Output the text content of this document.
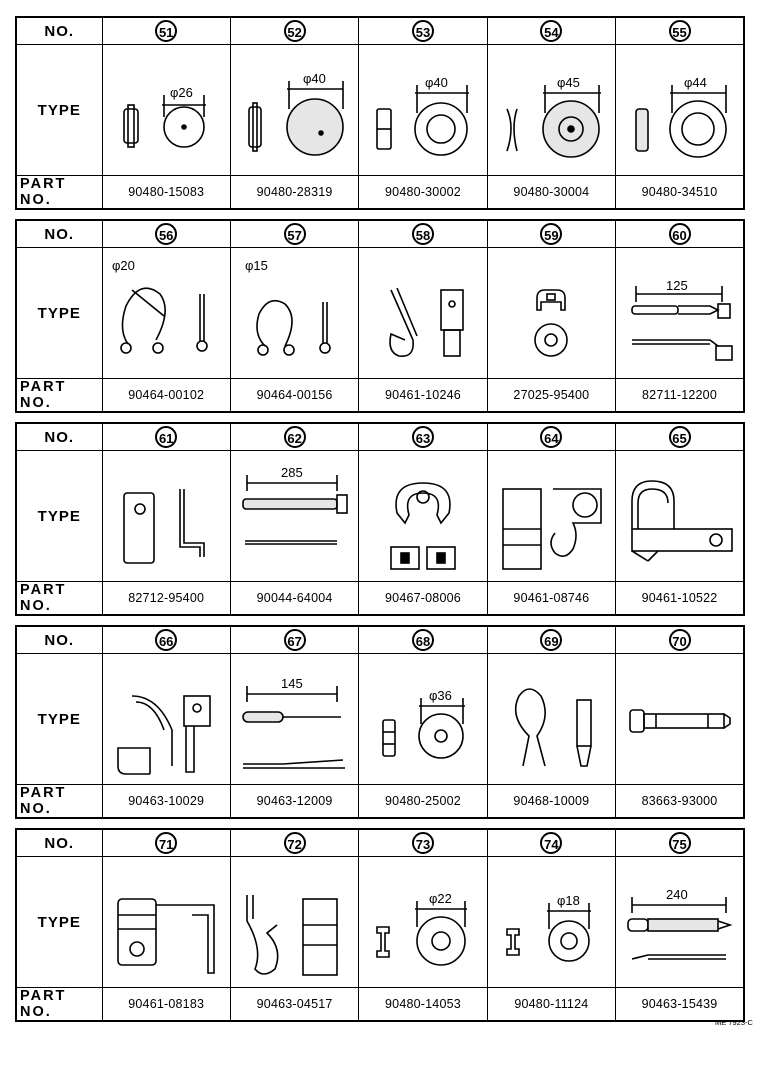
NO.	51	52	53	54	55
TYPE	φ26	φ40	φ40	φ45	φ44

PART NO.	90480-15083	90480-28319	90480-30002	90480-30004	90480-34510
NO.	56	57	58	59	60
TYPE	φ20	φ15			125

PART NO.	90464-00102	90464-00156	90461-10246	27025-95400	82711-12200
NO.	61	62	63	64	65
TYPE		285

PART NO.	82712-95400	90044-64004	90467-08006	90461-08746	90461-10522
NO.	66	67	68	69	70
TYPE		145	φ36

PART NO.	90463-10029	90463-12009	90480-25002	90468-10009	83663-93000
NO.	71	72	73	74	75
TYPE			φ22	φ18	240

PART NO.	90461-08183	90463-04517	90480-14053	90480-11124	90463-15439
ME 7923-C
